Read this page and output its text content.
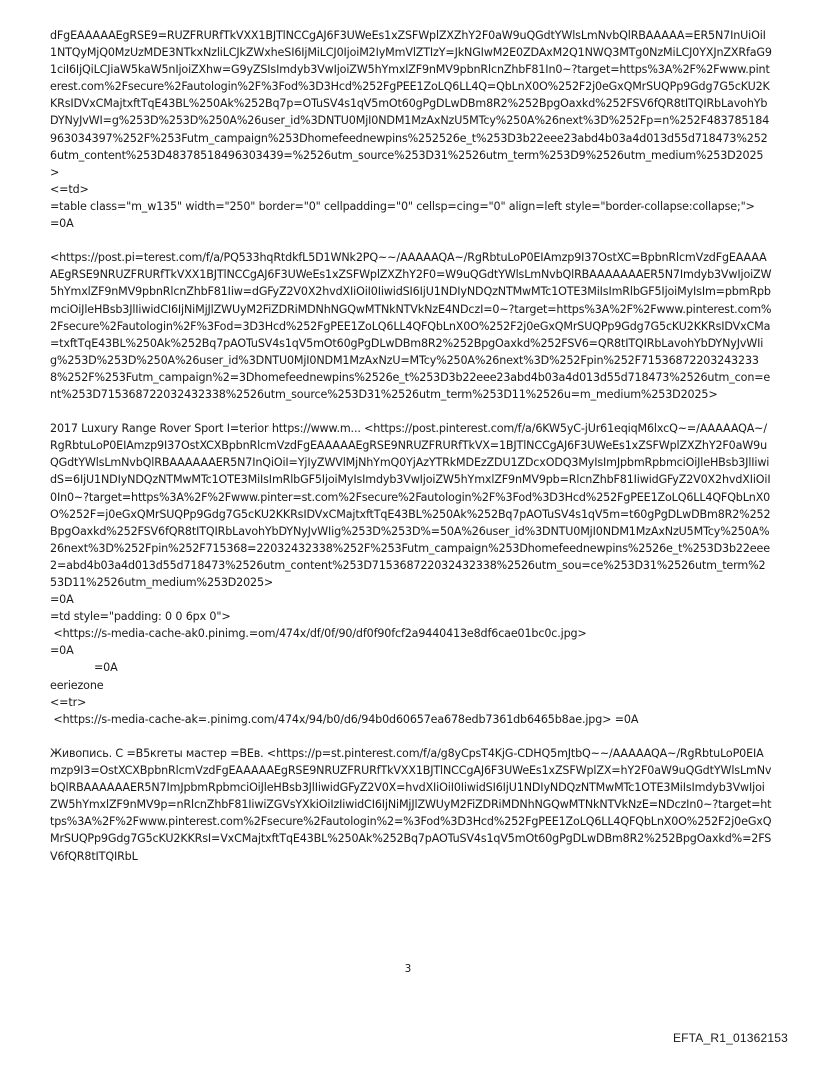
dFgEAAAAAEgRSE9=RUZFRURfTkVXX1BJTlNCCgAJ6F3UWeEs1xZSFWplZXZhY2F0aW9uQGdtYWlsLmNvbQlRBAAAAA=ER5N7InUiOiI1NTQyMjQ0MzUzMDE3NTkxNzliLCJkZWxheSI6IjMiLCJ0IjoiM2IyMmVlZTIzY=JkNGIwM2E0ZDAxM2Q1NWQ3MTg0NzMiLCJ0YXJnZXRfaG91ciI6IjQiLCJiaW5kaW5nIjoiZXhw=G9yZSIsImdyb3VwIjoiZW5hYmxlZF9nMV9pbnRlcnZhbF81In0~?target=https%3A%2F%2Fwww.pinterest.com%2Fsecure%2Fautologin%2F%3Fod%3D3Hcd%252FgPEE1ZoLQ6LL4Q=QbLnX0O%252F2j0eGxQMrSUQPp9Gdg7G5cKU2KKRsIDVxCMajtxftTqE43BL%250Ak%252Bq7p=OTuSV4s1qV5mOt60gPgDLwDBm8R2%252BpgOaxkd%252FSV6fQR8tITQIRbLavohYbDYNyJvWI=g%253D%253D%250A%26user_id%3DNTU0MjI0NDM1MzAxNzU5MTcy%250A%26next%3D%252Fp=n%252F483785184963034397%252F%253Futm_campaign%253Dhomefeednewpins%252526e_t%253D3b22eee23abd4b03a4d013d55d718473%2526utm_content%253D48378518496303439=%2526utm_source%253D31%2526utm_term%253D9%2526utm_medium%253D2025>

<=td>
=table class="m_w135" width="250" border="0" cellpadding="0" cellsp=cing="0" align=left style="border-collapse:collapse;">
=0A

<https://post.pi=terest.com/f/a/PQ533hqRtdkfL5D1WNk2PQ~~/AAAAAQA~/RgRbtuLoP0EIAmzp9I37OstXC=BpbnRlcmVzdFgEAAAAAEgRSE9NRUZFRURfTkVXX1BJTlNCCgAJ6F3UWeEs1xZSFWplZXZhY2F0=W9uQGdtYWlsLmNvbQlRBAAAAAAAER5N7Imdyb3VwIjoiZW5hYmxlZF9nMV9pbnRlcnZhbF81Iiw=dGFyZ2V0X2hvdXIiOiI0IiwidSI6IjU1NDIyNDQzNTMwMTc1OTE3MiIsImRlbGF5IjoiMyIsIm=pbmRpbmciOiJleHBsb3JlIiwidCI6IjNiMjJlZWUyM2FiZDRiMDNhNGQwMTNkNTVkNzE4NDczI=0~?target=https%3A%2F%2Fwww.pinterest.com%2Fsecure%2Fautologin%2F%3Fod=3D3Hcd%252FgPEE1ZoLQ6LL4QFQbLnX0O%252F2j0eGxQMrSUQPp9Gdg7G5cKU2KKRsIDVxCMa=txftTqE43BL%250Ak%252Bq7pAOTuSV4s1qV5mOt60gPgDLwDBm8R2%252BpgOaxkd%252FSV6=QR8tITQIRbLavohYbDYNyJvWIig%253D%253D%250A%26user_id%3DNTU0MjI0NDM1MzAxNzU=MTcy%250A%26next%3D%252Fpin%252F715368722032432338%252F%253Futm_campaign%2=3Dhomefeednewpins%2526e_t%253D3b22eee23abd4b03a4d013d55d718473%2526utm_con=ent%253D715368722032432338%2526utm_source%253D31%2526utm_term%253D11%2526u=m_medium%253D2025>

2017 Luxury Range Rover Sport I=terior https://www.m... <https://post.pinterest.com/f/a/6KW5yC-jUr61eqiqM6lxcQ~=/AAAAAQA~/RgRbtuLoP0EIAmzp9I37OstXCXBpbnRlcmVzdFgEAAAAAEgRSE9NRUZFRURfTkVX=1BJTlNCCgAJ6F3UWeEs1xZSFWplZXZhY2F0aW9uQGdtYWlsLmNvbQlRBAAAAAAER5N7InQiOiI=YjIyZWVlMjNhYmQ0YjAzYTRkMDEzZDU1ZDcxODQ3MyIsImJpbmRpbmciOiJleHBsb3JlIiwidS=6IjU1NDIyNDQzNTMwMTc1OTE3MiIsImRlbGF5IjoiMyIsImdyb3VwIjoiZW5hYmxlZF9nMV9pb=RlcnZhbF81IiwidGFyZ2V0X2hvdXIiOiI0In0~?target=https%3A%2F%2Fwww.pinter=st.com%2Fsecure%2Fautologin%2F%3Fod%3D3Hcd%252FgPEE1ZoLQ6LL4QFQbLnX0O%252F=j0eGxQMrSUQPp9Gdg7G5cKU2KKRsIDVxCMajtxftTqE43BL%250Ak%252Bq7pAOTuSV4s1qV5m=t60gPgDLwDBm8R2%252BpgOaxkd%252FSV6fQR8tITQIRbLavohYbDYNyJvWIig%253D%253D%=50A%26user_id%3DNTU0MjI0NDM1MzAxNzU5MTcy%250A%26next%3D%252Fpin%252F715368=22032432338%252F%253Futm_campaign%253Dhomefeednewpins%2526e_t%253D3b22eee2=abd4b03a4d013d55d718473%2526utm_content%253D715368722032432338%2526utm_sou=ce%253D31%2526utm_term%253D11%2526utm_medium%253D2025>

=0A
=td style="padding: 0 0 6px 0">
<https://s-media-cache-ak0.pinimg.=om/474x/df/0f/90/df0f90fcf2a9440413e8df6cae01bc0c.jpg>
=0A
=0A
eeriezone
<=tr>
<https://s-media-cache-ak=.pinimg.com/474x/94/b0/d6/94b0d60657ea678edb7361db6465b8ae.jpg> =0A

Живопись. С =В5кreты мастер =ВЕв. <https://p=st.pinterest.com/f/a/g8yCpsT4KjG-CDHQ5mJtbQ~~/AAAAAQA~/RgRbtuLoP0EIAmzp9I3=OstXCXBpbnRlcmVzdFgEAAAAAEgRSE9NRUZFRURfTkVXX1BJTlNCCgAJ6F3UWeEs1xZSFWplZX=hY2F0aW9uQGdtYWlsLmNvbQlRBAAAAAAER5N7ImJpbmRpbmciOiJleHBsb3JlIiwidGFyZ2V0X=hvdXIiOiI0IiwidSI6IjU1NDIyNDQzNTMwMTc1OTE3MiIsImdyb3VwIjoiZW5hYmxlZF9nMV9p=nRlcnZhbF81IiwiZGVsYXkiOiIzIiwidCI6IjNiMjJlZWUyM2FiZDRiMDNhNGQwMTNkNTVkNzE=NDczIn0~?target=https%3A%2F%2Fwww.pinterest.com%2Fsecure%2Fautologin%2=%3Fod%3D3Hcd%252FgPEE1ZoLQ6LL4QFQbLnX0O%252F2j0eGxQMrSUQPp9Gdg7G5cKU2KKRsI=VxCMajtxftTqE43BL%250Ak%252Bq7pAOTuSV4s1qV5mOt60gPgDLwDBm8R2%252BpgOaxkd%=2FSV6fQR8tITQIRbL

3
EFTA_R1_01362153
